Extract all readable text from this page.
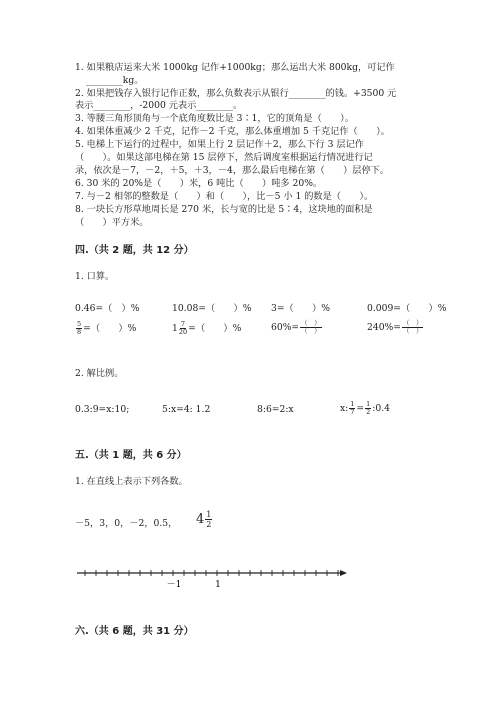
1. 如果粮店运来大米 1000kg 记作+1000kg；那么运出大米 800kg，可记作
________kg。
2. 如果把钱存入银行记作正数，那么负数表示从银行________的钱。+3500 元
表示________，-2000 元表示________。
3. 等腰三角形顶角与一个底角度数比是 3∶1，它的顶角是（　　）。
4. 如果体重减少 2 千克，记作－2 千克，那么体重增加 5 千克记作（　　）。
5. 电梯上下运行的过程中，如果上行 2 层记作＋2，那么下行 3 层记作
（　　）。如果这部电梯在第 15 层停下，然后调度室根据运行情况进行记
录，依次是－7，－2，＋5，＋3，－4，那么最后电梯在第（　　）层停下。
6. 30 米的 20%是（　　）米，6 吨比（　　）吨多 20%。
7. 与－2 相邻的整数是（　　）和（　　），比－5 小 1 的数是（　　）。
8. 一块长方形草地周长是 270 米，长与宽的比是 5∶4，这块地的面积是
（　　）平方米。
四.（共 2 题，共 12 分）
1. 口算。
0.46=（　）%	10.08=（　　）% 3=（　　）%	0.009=（　　）%
$\frac{5}{8}$ =（　　）%	$1 \frac{7}{20}$ =（　　）%	$60\%= \frac{( )}{( )}$	$240\%= \frac{( )}{( )}$
2. 解比例。
0.3:9=x:10;	5:x=4: 1.2	8:6=2:x	x: $\frac{1}{7} = \frac{1}{2}$ :0.4
五.（共 1 题，共 6 分）
1. 在直线上表示下列各数。
－5，3，0，－2，0.5， $4 \frac{1}{2}$
－1	1
六.（共 6 题，共 31 分）
